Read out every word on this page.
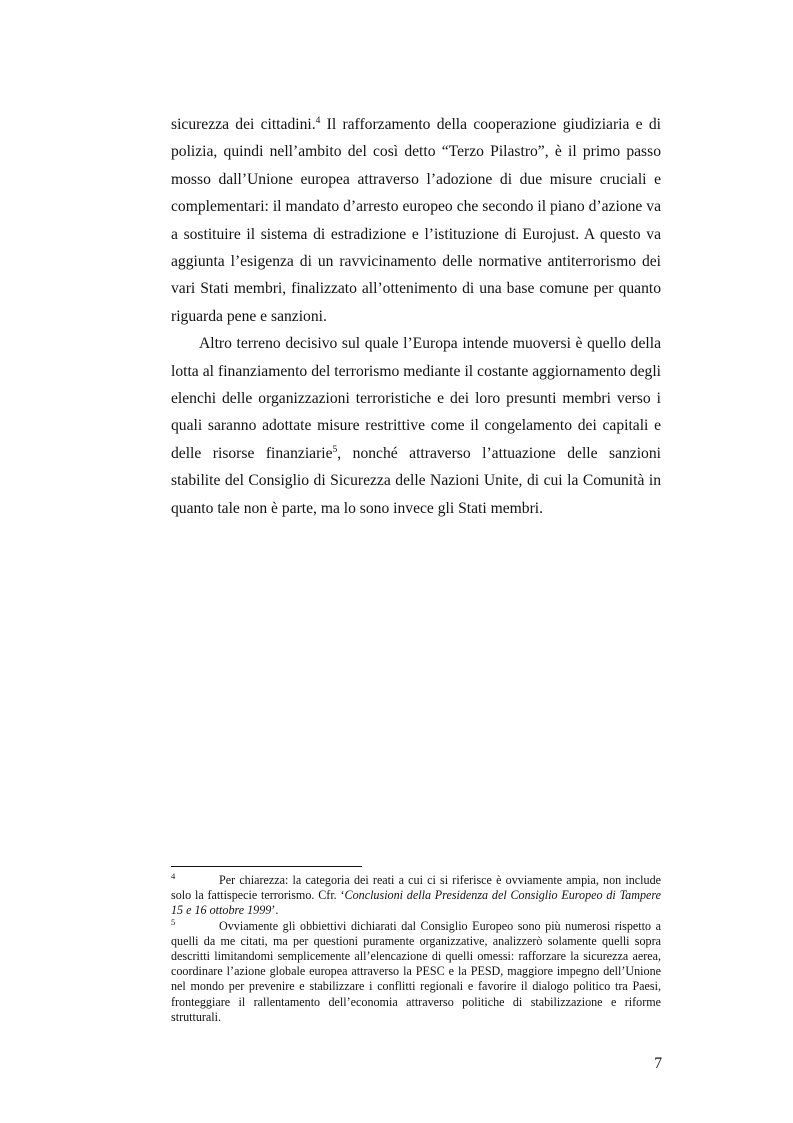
sicurezza dei cittadini.$^4$ Il rafforzamento della cooperazione giudiziaria e di polizia, quindi nell’ambito del così detto “Terzo Pilastro”, è il primo passo mosso dall’Unione europea attraverso l’adozione di due misure cruciali e complementari: il mandato d’arresto europeo che secondo il piano d’azione va a sostituire il sistema di estradizione e l’istituzione di Eurojust. A questo va aggiunta l’esigenza di un ravvicinamento delle normative antiterrorismo dei vari Stati membri, finalizzato all’ottenimento di una base comune per quanto riguarda pene e sanzioni.

Altro terreno decisivo sul quale l’Europa intende muoversi è quello della lotta al finanziamento del terrorismo mediante il costante aggiornamento degli elenchi delle organizzazioni terroristiche e dei loro presunti membri verso i quali saranno adottate misure restrittive come il congelamento dei capitali e delle risorse finanziarie$^5$, nonché attraverso l’attuazione delle sanzioni stabilite del Consiglio di Sicurezza delle Nazioni Unite, di cui la Comunità in quanto tale non è parte, ma lo sono invece gli Stati membri.

4	Per chiarezza: la categoria dei reati a cui ci si riferisce è ovviamente ampia, non include solo la fattispecie terrorismo. Cfr. ‘Conclusioni della Presidenza del Consiglio Europeo di Tampere 15 e 16 ottobre 1999’.

5	Ovviamente gli obbiettivi dichiarati dal Consiglio Europeo sono più numerosi rispetto a quelli da me citati, ma per questioni puramente organizzative, analizzerò solamente quelli sopra descritti limitandomi semplicemente all’elencazione di quelli omessi: rafforzare la sicurezza aerea, coordinare l’azione globale europea attraverso la PESC e la PESD, maggiore impegno dell’Unione nel mondo per prevenire e stabilizzare i conflitti regionali e favorire il dialogo politico tra Paesi, fronteggiare il rallentamento dell’economia attraverso politiche di stabilizzazione e riforme strutturali.

7
